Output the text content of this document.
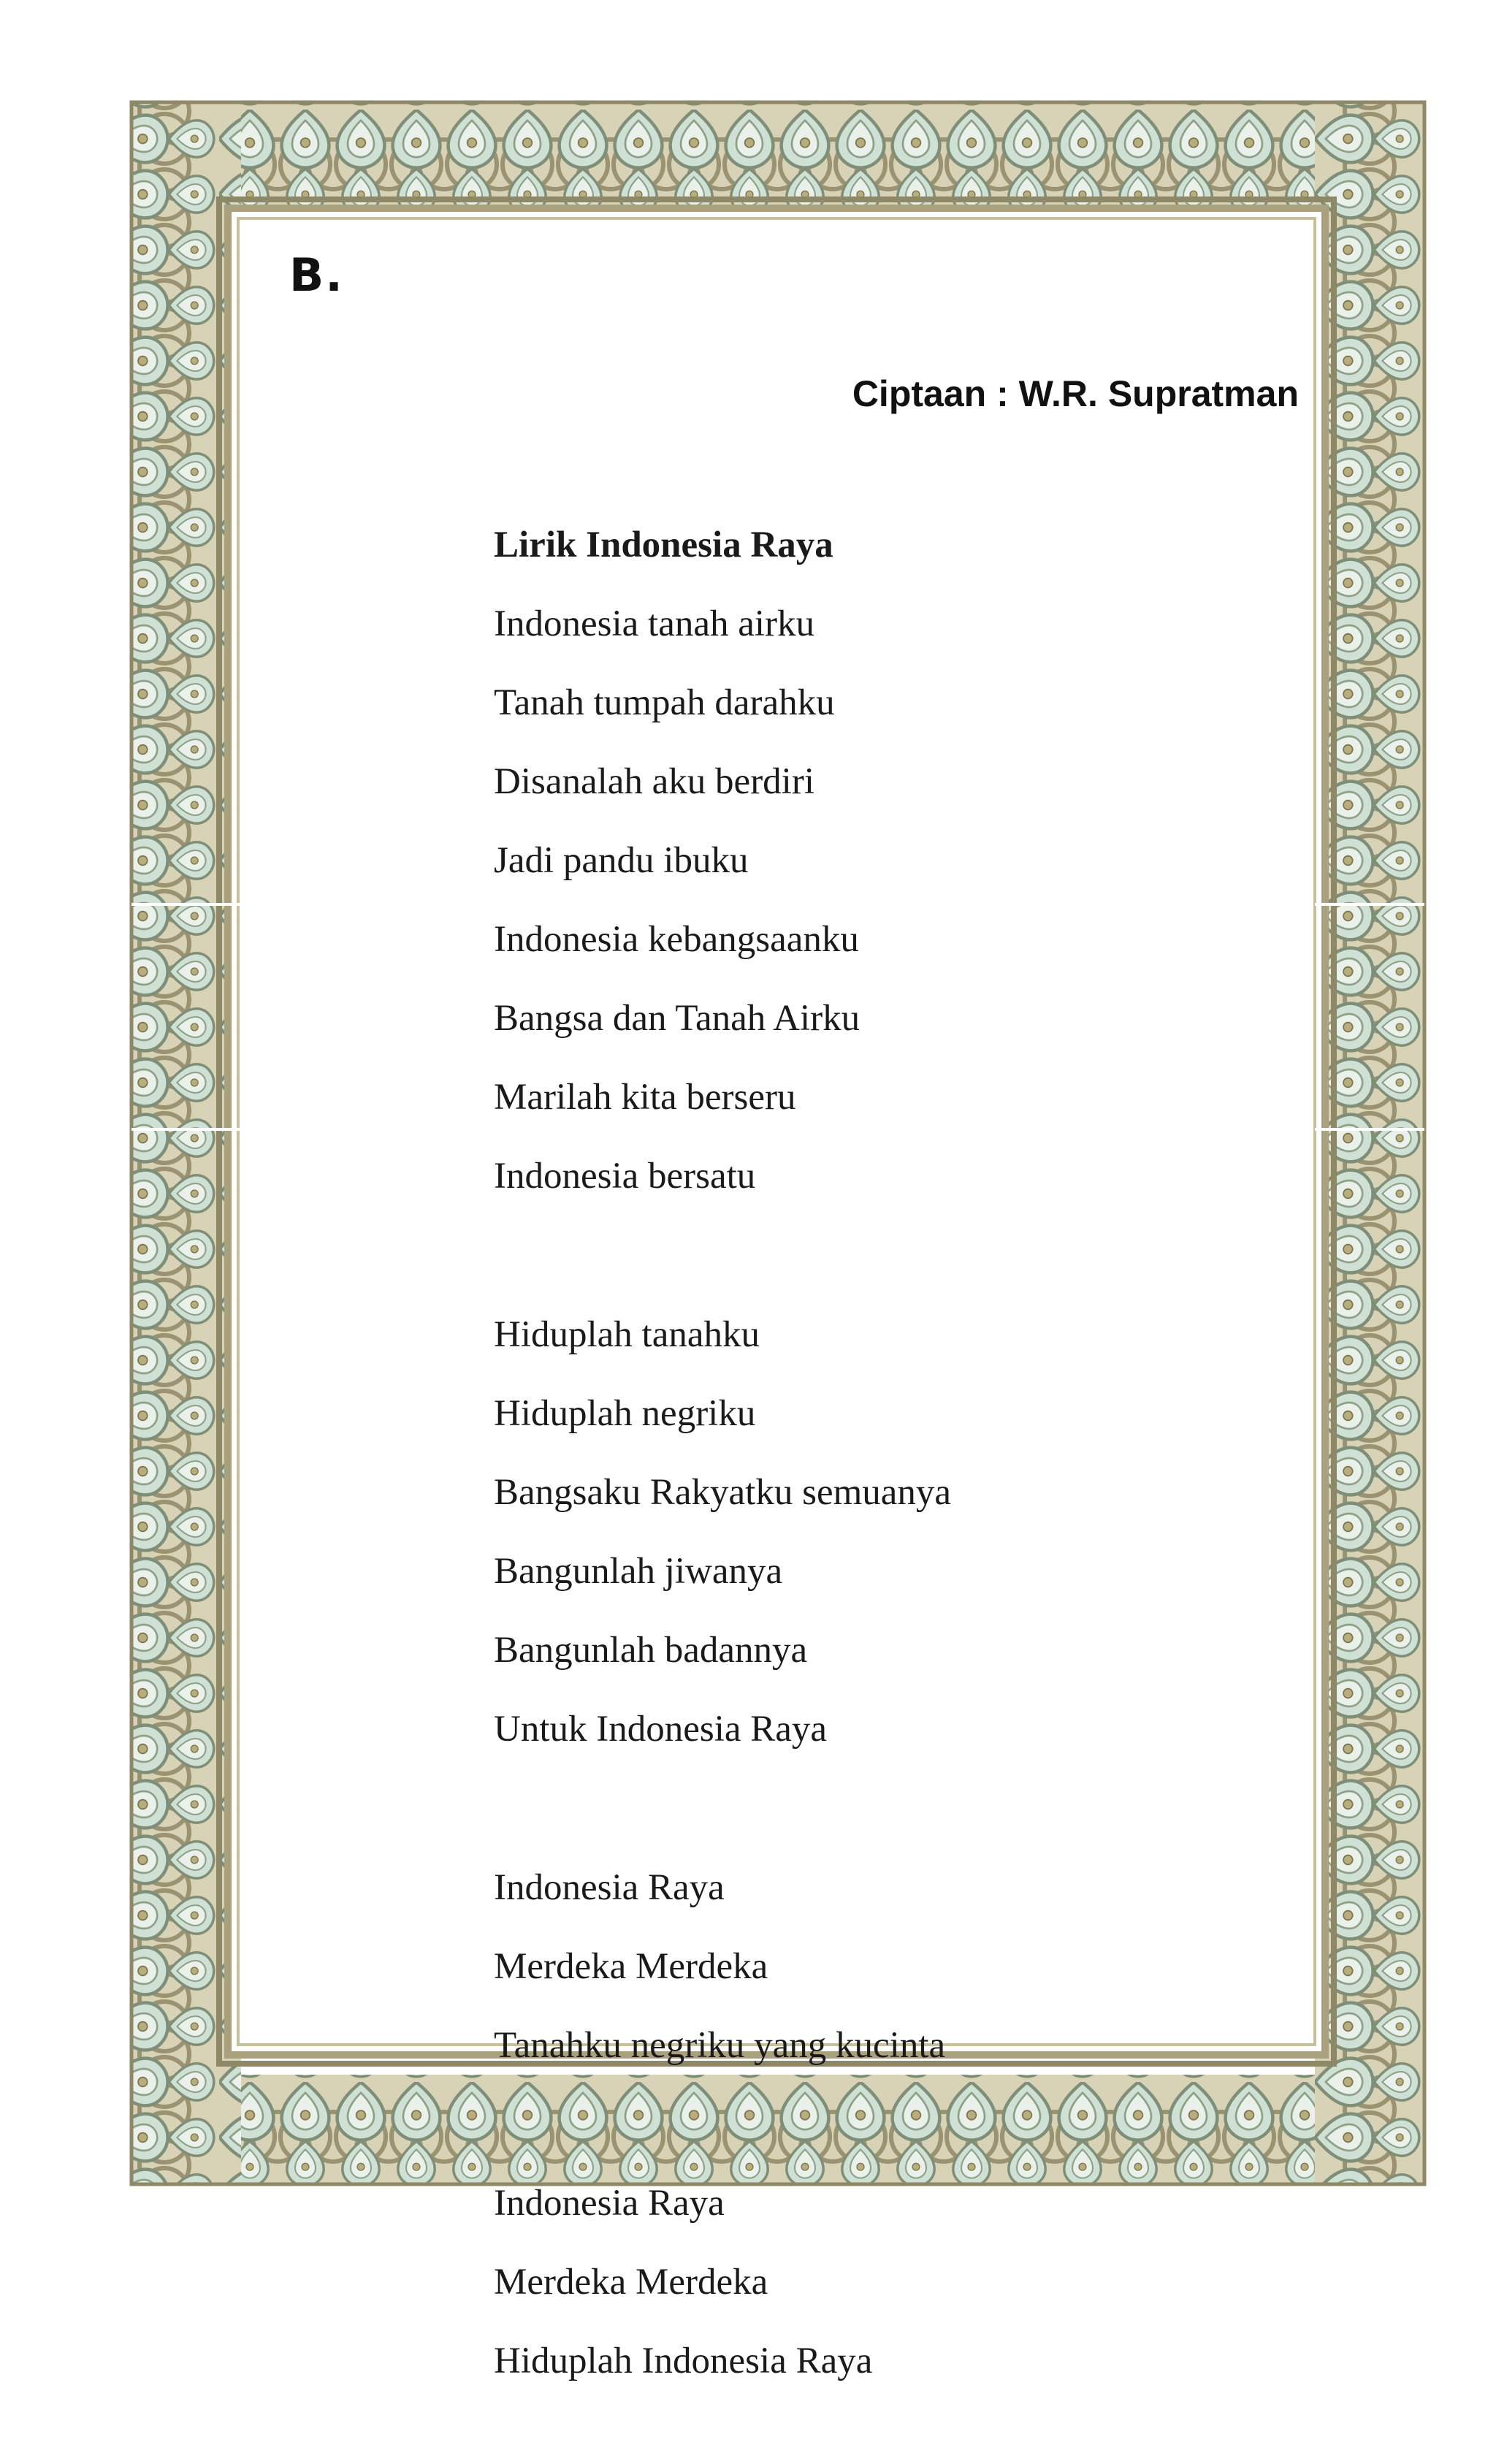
B.
Ciptaan : W.R. Supratman
Lirik Indonesia Raya
Indonesia tanah airku
Tanah tumpah darahku
Disanalah aku berdiri
Jadi pandu ibuku
Indonesia kebangsaanku
Bangsa dan Tanah Airku
Marilah kita berseru
Indonesia bersatu
Hiduplah tanahku
Hiduplah negriku
Bangsaku Rakyatku semuanya
Bangunlah jiwanya
Bangunlah badannya
Untuk Indonesia Raya
Indonesia Raya
Merdeka Merdeka
Tanahku negriku yang kucinta
Indonesia Raya
Merdeka Merdeka
Hiduplah Indonesia Raya
